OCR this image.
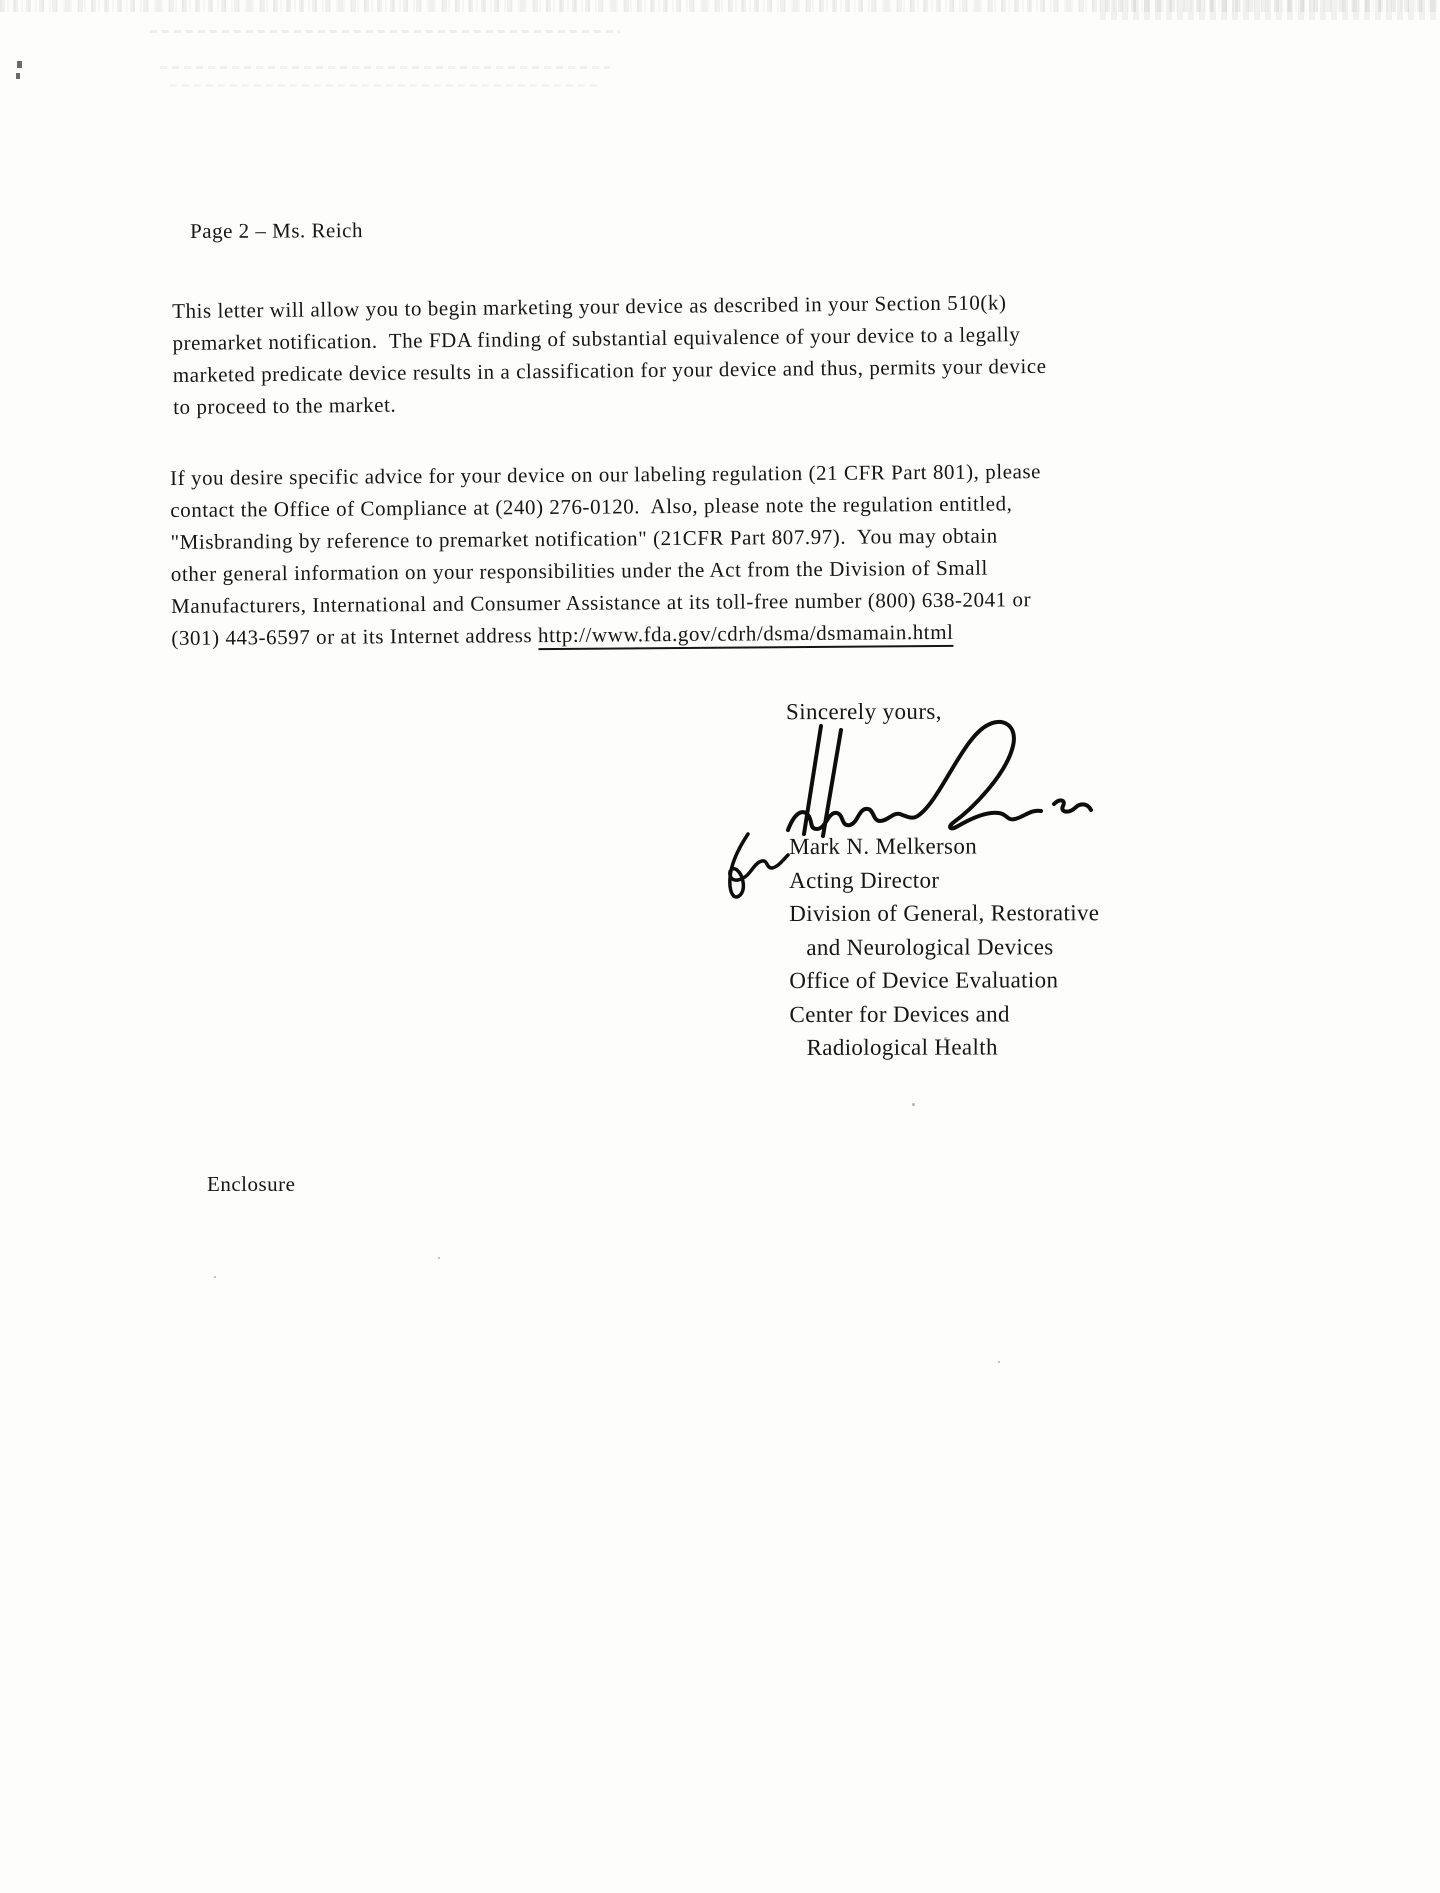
Page 2 – Ms. Reich
This letter will allow you to begin marketing your device as described in your Section 510(k)
premarket notification.  The FDA finding of substantial equivalence of your device to a legally
marketed predicate device results in a classification for your device and thus, permits your device
to proceed to the market.
If you desire specific advice for your device on our labeling regulation (21 CFR Part 801), please
contact the Office of Compliance at (240) 276-0120.  Also, please note the regulation entitled,
"Misbranding by reference to premarket notification" (21CFR Part 807.97).  You may obtain
other general information on your responsibilities under the Act from the Division of Small
Manufacturers, International and Consumer Assistance at its toll-free number (800) 638-2041 or
(301) 443-6597 or at its Internet address http://www.fda.gov/cdrh/dsma/dsmamain.html
Sincerely yours,
Mark N. Melkerson
Acting Director
Division of General, Restorative
and Neurological Devices
Office of Device Evaluation
Center for Devices and
Radiological Health
Enclosure
